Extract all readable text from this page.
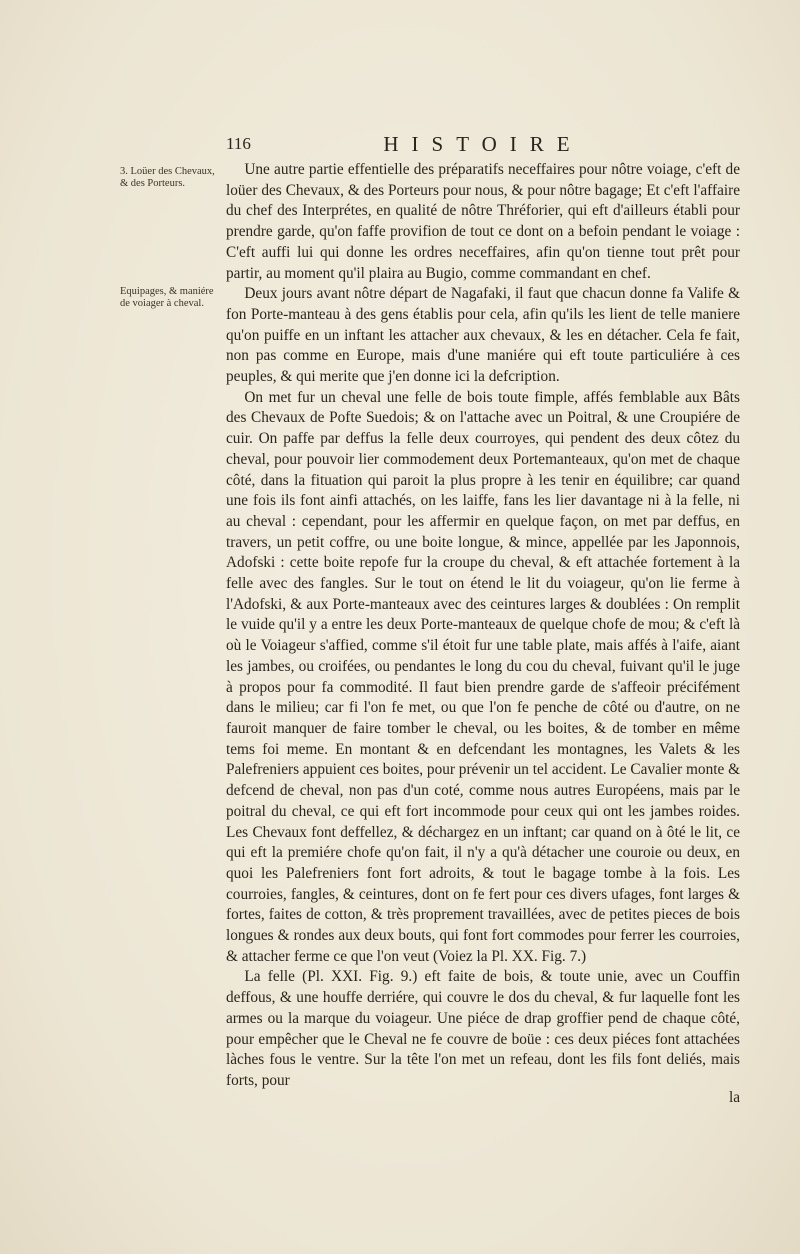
116	HISTOIRE
3. Loüer des Chevaux, & des Porteurs.
Equipages, & maniére de voiager à cheval.

Une autre partie effentielle des préparatifs neceffaires pour nôtre voiage, c'eft de loüer des Chevaux, & des Porteurs pour nous, & pour nôtre bagage; Et c'eft l'affaire du chef des Interprétes, en qualité de nôtre Thréforier, qui eft d'ailleurs établi pour prendre garde, qu'on faffe provifion de tout ce dont on a befoin pendant le voiage : C'eft auffi lui qui donne les ordres neceffaires, afin qu'on tienne tout prêt pour partir, au moment qu'il plaira au Bugio, comme commandant en chef.

Deux jours avant nôtre départ de Nagafaki, il faut que chacun donne fa Valife & fon Porte-manteau à des gens établis pour cela, afin qu'ils les lient de telle maniere qu'on puiffe en un inftant les attacher aux chevaux, & les en détacher. Cela fe fait, non pas comme en Europe, mais d'une maniére qui eft toute particuliére à ces peuples, & qui merite que j'en donne ici la defcription.

On met fur un cheval une felle de bois toute fimple, affés femblable aux Bâts des Chevaux de Pofte Suedois; & on l'attache avec un Poitral, & une Croupiére de cuir. On paffe par deffus la felle deux courroyes, qui pendent des deux côtez du cheval, pour pouvoir lier commodement deux Portemanteaux, qu'on met de chaque côté, dans la fituation qui paroit la plus propre à les tenir en équilibre; car quand une fois ils font ainfi attachés, on les laiffe, fans les lier davantage ni à la felle, ni au cheval : cependant, pour les affermir en quelque façon, on met par deffus, en travers, un petit coffre, ou une boite longue, & mince, appellée par les Japonnois, Adofski : cette boite repofe fur la croupe du cheval, & eft attachée fortement à la felle avec des fangles. Sur le tout on étend le lit du voiageur, qu'on lie ferme à l'Adofski, & aux Porte-manteaux avec des ceintures larges & doublées : On remplit le vuide qu'il y a entre les deux Porte-manteaux de quelque chofe de mou; & c'eft là où le Voiageur s'affied, comme s'il étoit fur une table plate, mais affés à l'aife, aiant les jambes, ou croifées, ou pendantes le long du cou du cheval, fuivant qu'il le juge à propos pour fa commodité. Il faut bien prendre garde de s'affeoir précifément dans le milieu; car fi l'on fe met, ou que l'on fe penche de côté ou d'autre, on ne fauroit manquer de faire tomber le cheval, ou les boites, & de tomber en même tems foi meme. En montant & en defcendant les montagnes, les Valets & les Palefreniers appuient ces boites, pour prévenir un tel accident. Le Cavalier monte & defcend de cheval, non pas d'un coté, comme nous autres Européens, mais par le poitral du cheval, ce qui eft fort incommode pour ceux qui ont les jambes roides. Les Chevaux font deffellez, & déchargez en un inftant; car quand on à ôté le lit, ce qui eft la premiére chofe qu'on fait, il n'y a qu'à détacher une couroie ou deux, en quoi les Palefreniers font fort adroits, & tout le bagage tombe à la fois. Les courroies, fangles, & ceintures, dont on fe fert pour ces divers ufages, font larges & fortes, faites de cotton, & très proprement travaillées, avec de petites pieces de bois longues & rondes aux deux bouts, qui font fort commodes pour ferrer les courroies, & attacher ferme ce que l'on veut (Voiez la Pl. XX. Fig. 7.)

La felle (Pl. XXI. Fig. 9.) eft faite de bois, & toute unie, avec un Couffin deffous, & une houffe derriére, qui couvre le dos du cheval, & fur laquelle font les armes ou la marque du voiageur. Une piéce de drap groffier pend de chaque côté, pour empêcher que le Cheval ne fe couvre de boüe : ces deux piéces font attachées làches fous le ventre. Sur la tête l'on met un refeau, dont les fils font deliés, mais forts, pour

la
